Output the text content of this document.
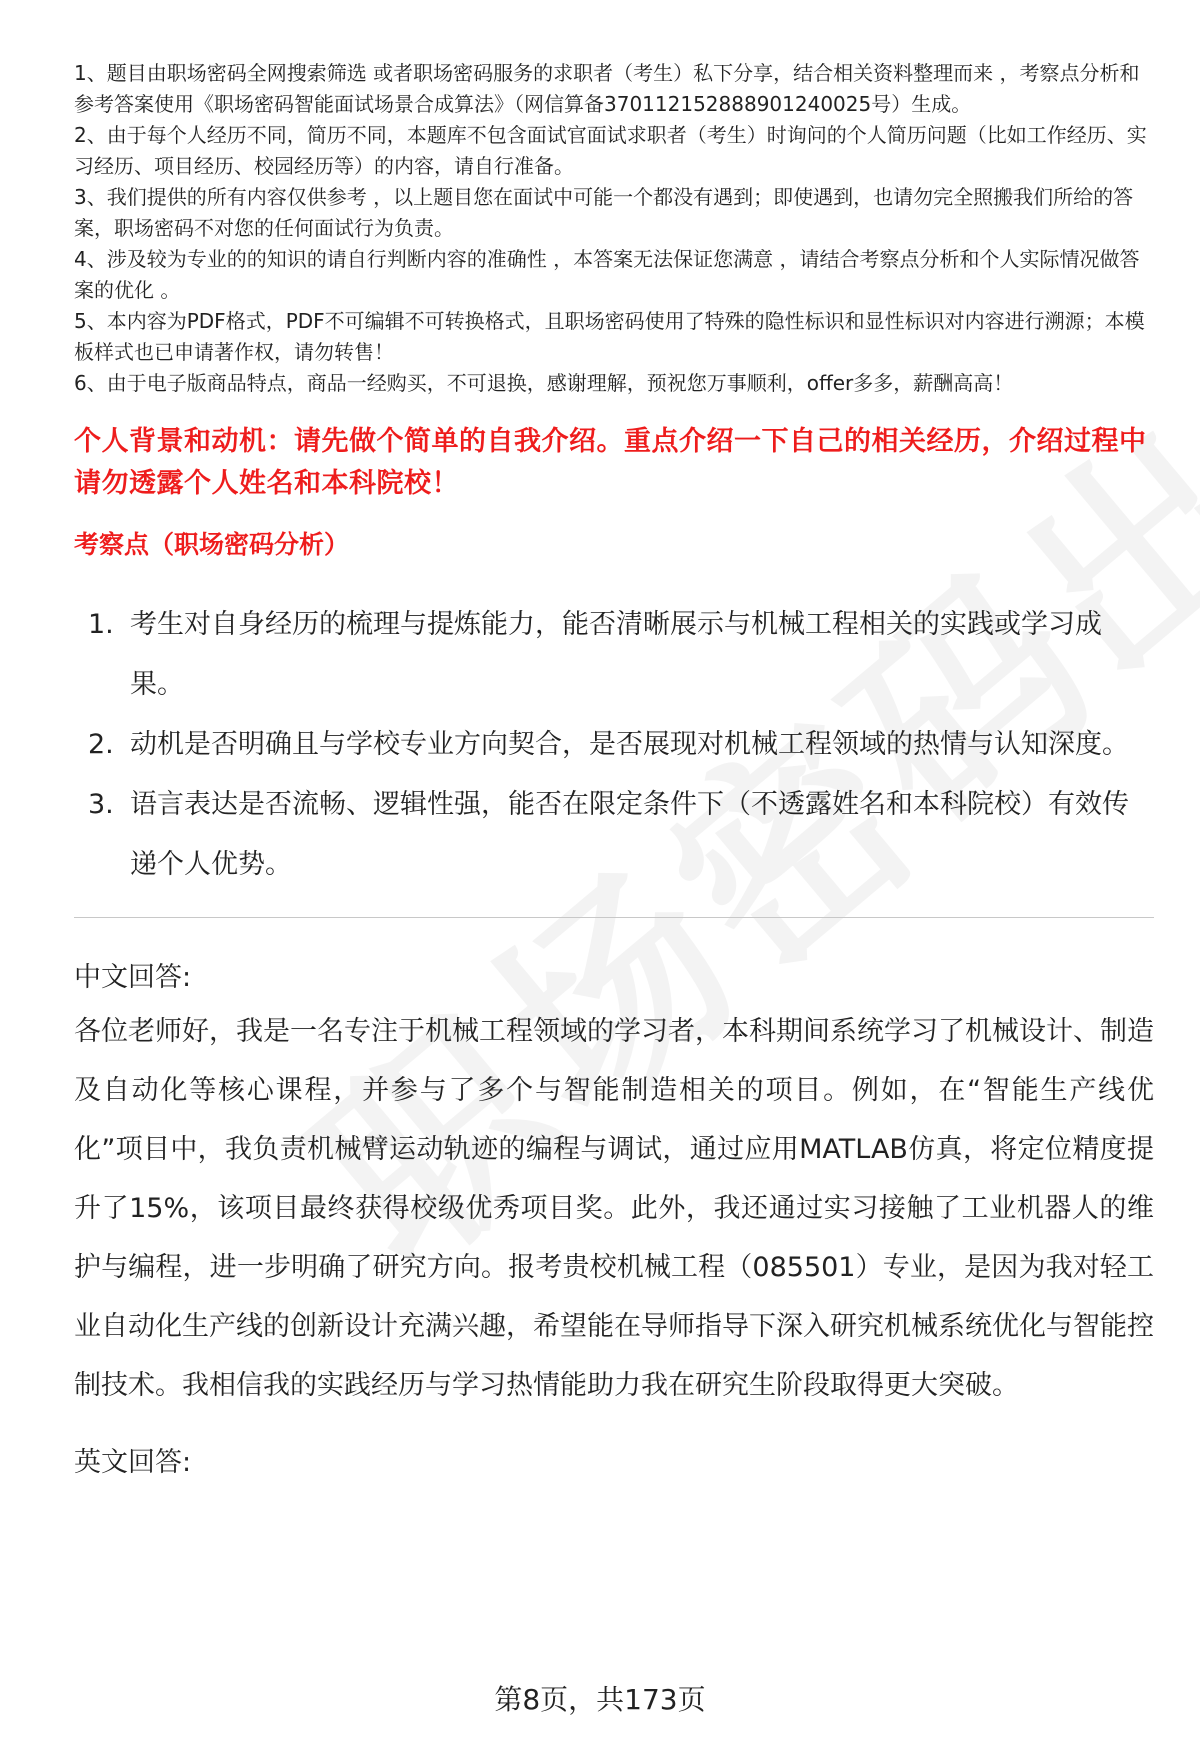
1、题目由职场密码全网搜索筛选 或者职场密码服务的求职者（考生）私下分享，结合相关资料整理而来 ，考察点分析和参考答案使用《职场密码智能面试场景合成算法》（网信算备370112152888901240025号）生成。
2、由于每个人经历不同，简历不同，本题库不包含面试官面试求职者（考生）时询问的个人简历问题（比如工作经历、实习经历、项目经历、校园经历等）的内容，请自行准备。
3、我们提供的所有内容仅供参考 ，以上题目您在面试中可能一个都没有遇到；即使遇到，也请勿完全照搬我们所给的答案，职场密码不对您的任何面试行为负责。
4、涉及较为专业的的知识的请自行判断内容的准确性 ，本答案无法保证您满意 ，请结合考察点分析和个人实际情况做答案的优化 。
5、本内容为PDF格式，PDF不可编辑不可转换格式，且职场密码使用了特殊的隐性标识和显性标识对内容进行溯源；本模板样式也已申请著作权，请勿转售！
6、由于电子版商品特点，商品一经购买，不可退换，感谢理解，预祝您万事顺利，offer多多，薪酬高高！
个人背景和动机：请先做个简单的自我介绍。重点介绍一下自己的相关经历，介绍过程中请勿透露个人姓名和本科院校！
考察点（职场密码分析）
1. 考生对自身经历的梳理与提炼能力，能否清晰展示与机械工程相关的实践或学习成果。
2. 动机是否明确且与学校专业方向契合，是否展现对机械工程领域的热情与认知深度。
3. 语言表达是否流畅、逻辑性强，能否在限定条件下（不透露姓名和本科院校）有效传递个人优势。
中文回答:
各位老师好，我是一名专注于机械工程领域的学习者，本科期间系统学习了机械设计、制造及自动化等核心课程，并参与了多个与智能制造相关的项目。例如，在“智能生产线优化”项目中，我负责机械臂运动轨迹的编程与调试，通过应用MATLAB仿真，将定位精度提升了15%，该项目最终获得校级优秀项目奖。此外，我还通过实习接触了工业机器人的维护与编程，进一步明确了研究方向。报考贵校机械工程（085501）专业，是因为我对轻工业自动化生产线的创新设计充满兴趣，希望能在导师指导下深入研究机械系统优化与智能控制技术。我相信我的实践经历与学习热情能助力我在研究生阶段取得更大突破。
英文回答:
第8页，共173页
